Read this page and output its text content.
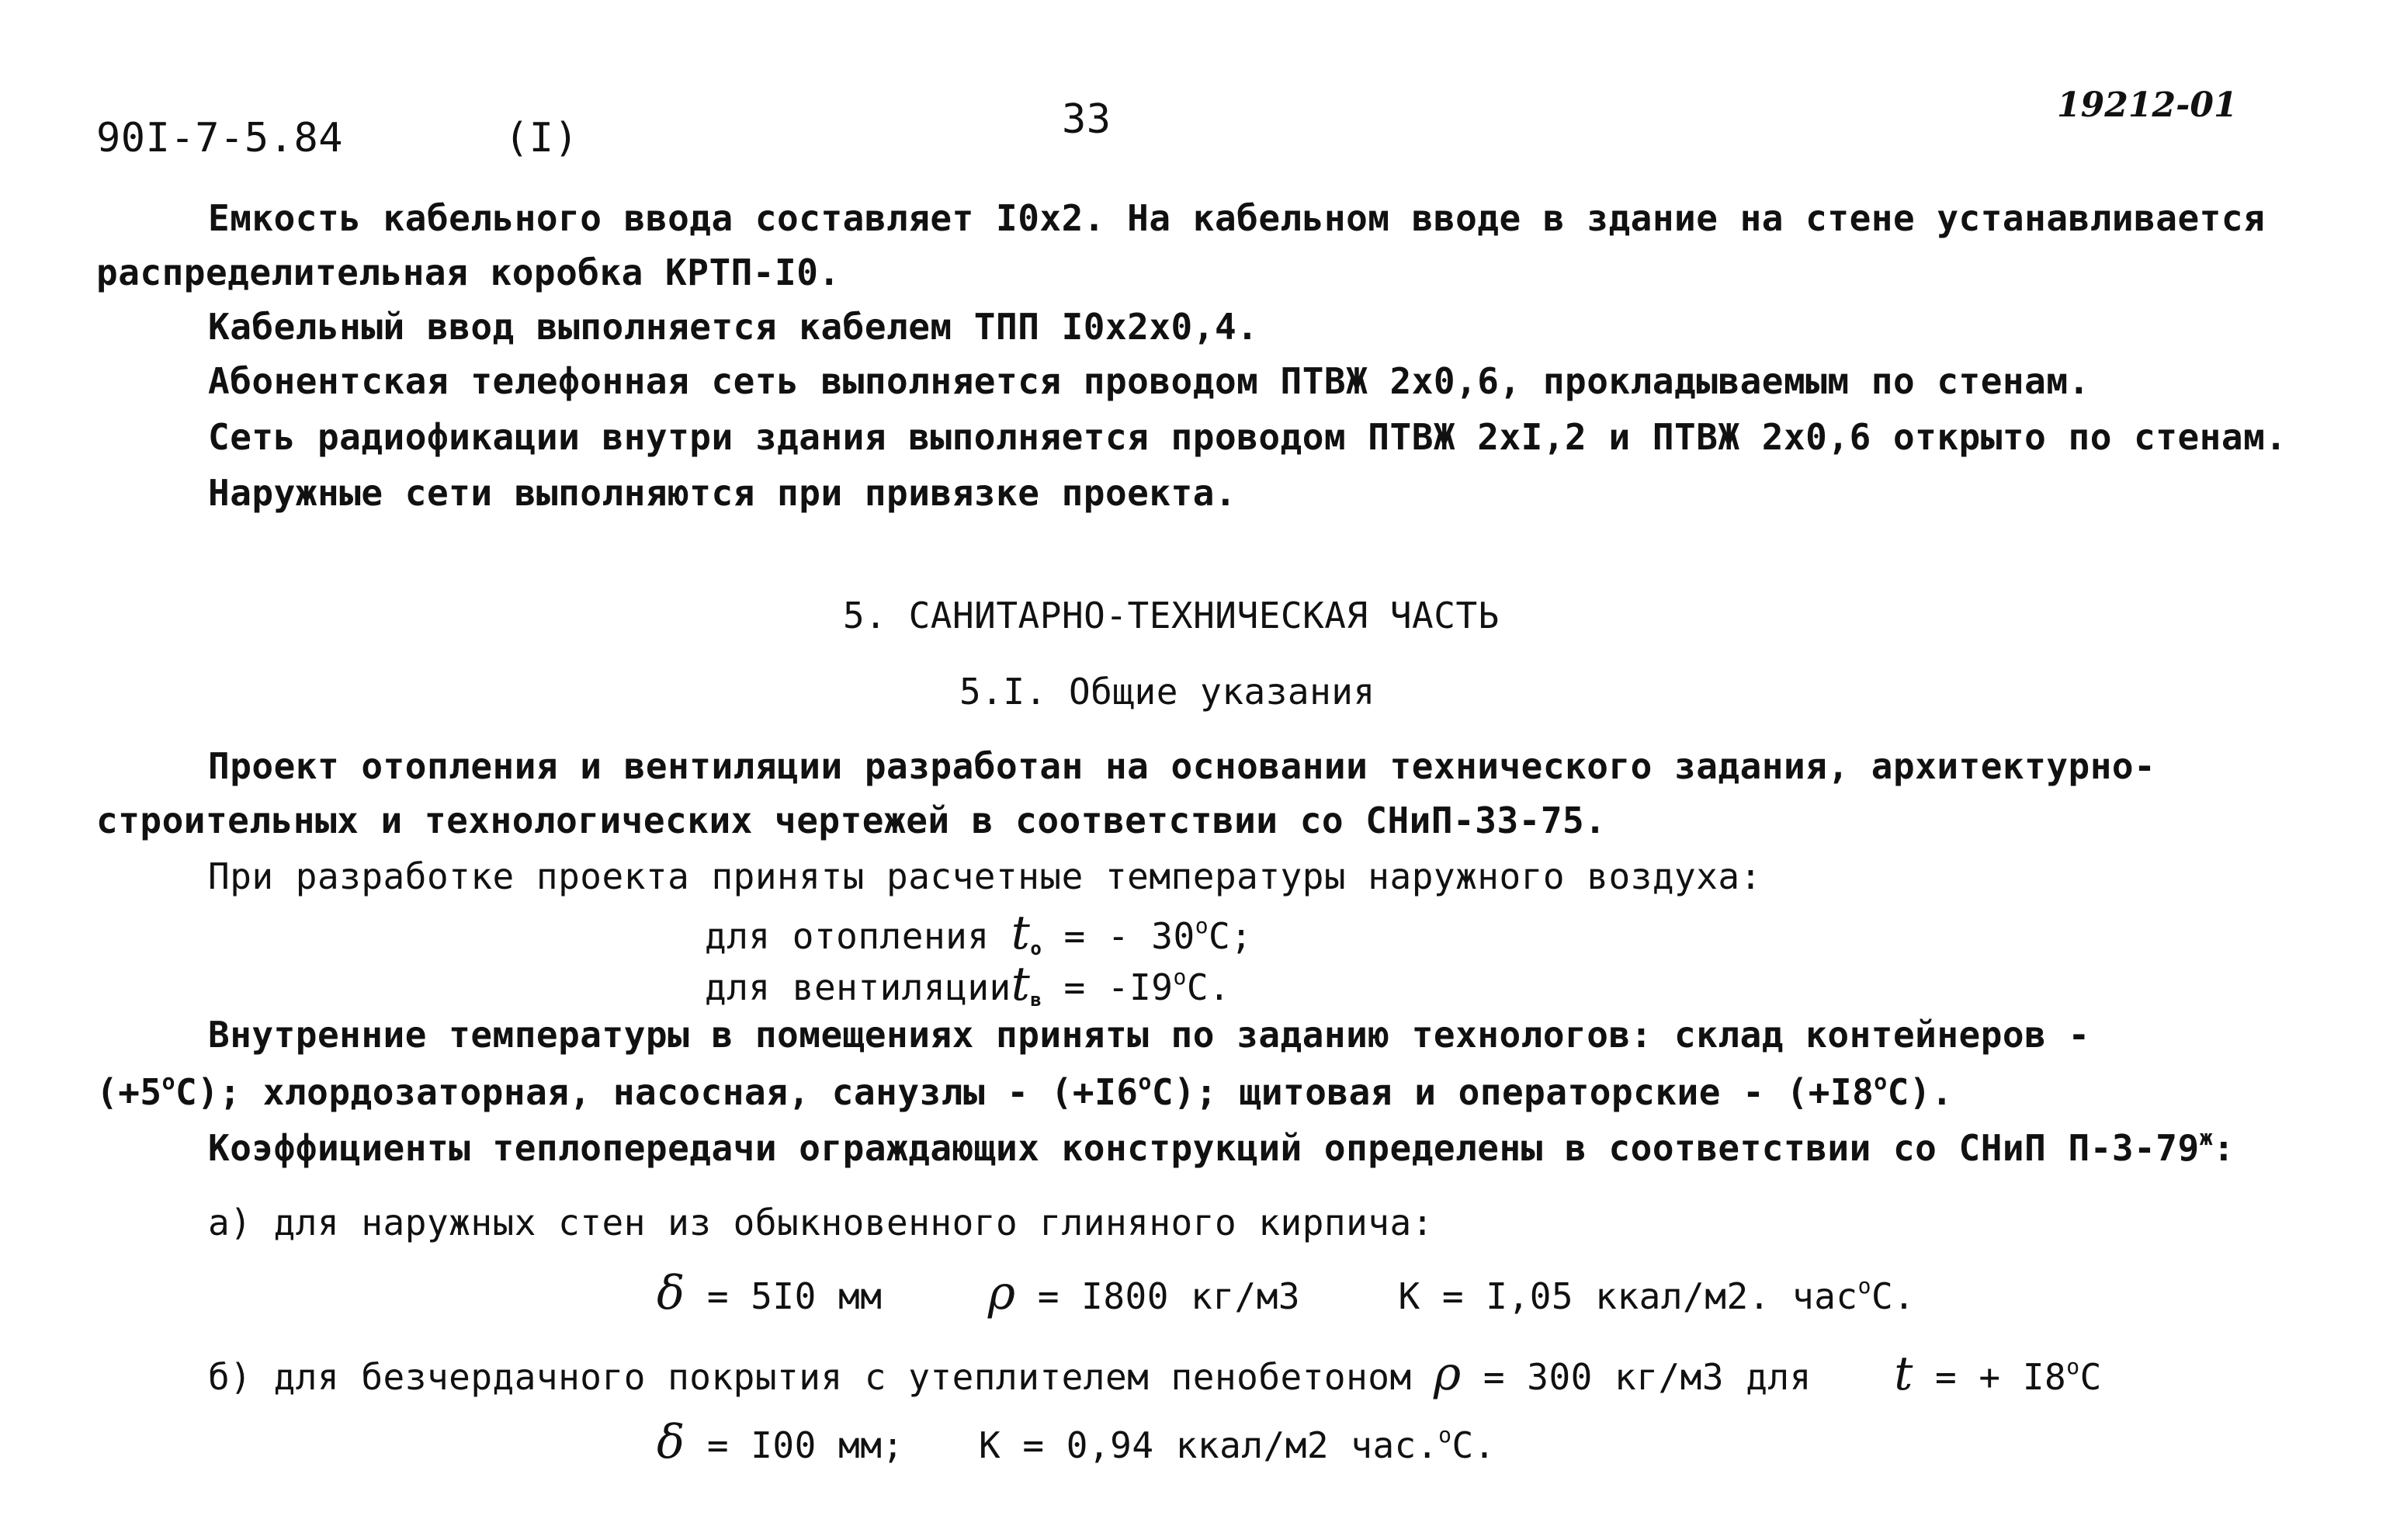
90I-7-5.84	(I)	33	19212-01
Емкость кабельного ввода составляет I0x2. На кабельном вводе в здание на стене устанавливается
распределительная коробка КРТП-I0.
Кабельный ввод выполняется кабелем ТПП I0x2x0,4.
Абонентская телефонная сеть выполняется проводом ПТВЖ 2x0,6, прокладываемым по стенам.
Сеть радиофикации внутри здания выполняется проводом ПТВЖ 2xI,2 и ПТВЖ 2x0,6 открыто по стенам.
Наружные сети выполняются при привязке проекта.
5. САНИТАРНО-ТЕХНИЧЕСКАЯ ЧАСТЬ
5.I. Общие указания
Проект отопления и вентиляции разработан на основании технического задания, архитектурно-
строительных и технологических чертежей в соответствии со СНиП-33-75.
При разработке проекта приняты расчетные температуры наружного воздуха:
для отопления $t_о$ = - $30^оС$;
для вентиляцииt$_в$ = $-I9^оС$.
Внутренние температуры в помещениях приняты по заданию технологов: склад контейнеров -
$(+5^оС)$; хлордозаторная, насосная, санузлы - $(+I6^оС)$; щитовая и операторские - $(+I8^оС)$.
Коэффициенты теплопередачи ограждающих конструкций определены в соответствии со СНиП $П-3-79^ж$:
а) для наружных стен из обыкновенного глиняного кирпича:
δ = 5I0 мм ρ = I800 кг/м3	К = I,05 ккал/м2. час$^о$С.
б) для безчердачного покрытия с утеплителем пенобетоном ρ = 300 кг/м3 для t = + $I8^оС$
δ = I00 мм; К = 0,94 ккал/м2 час.$^о$С.
